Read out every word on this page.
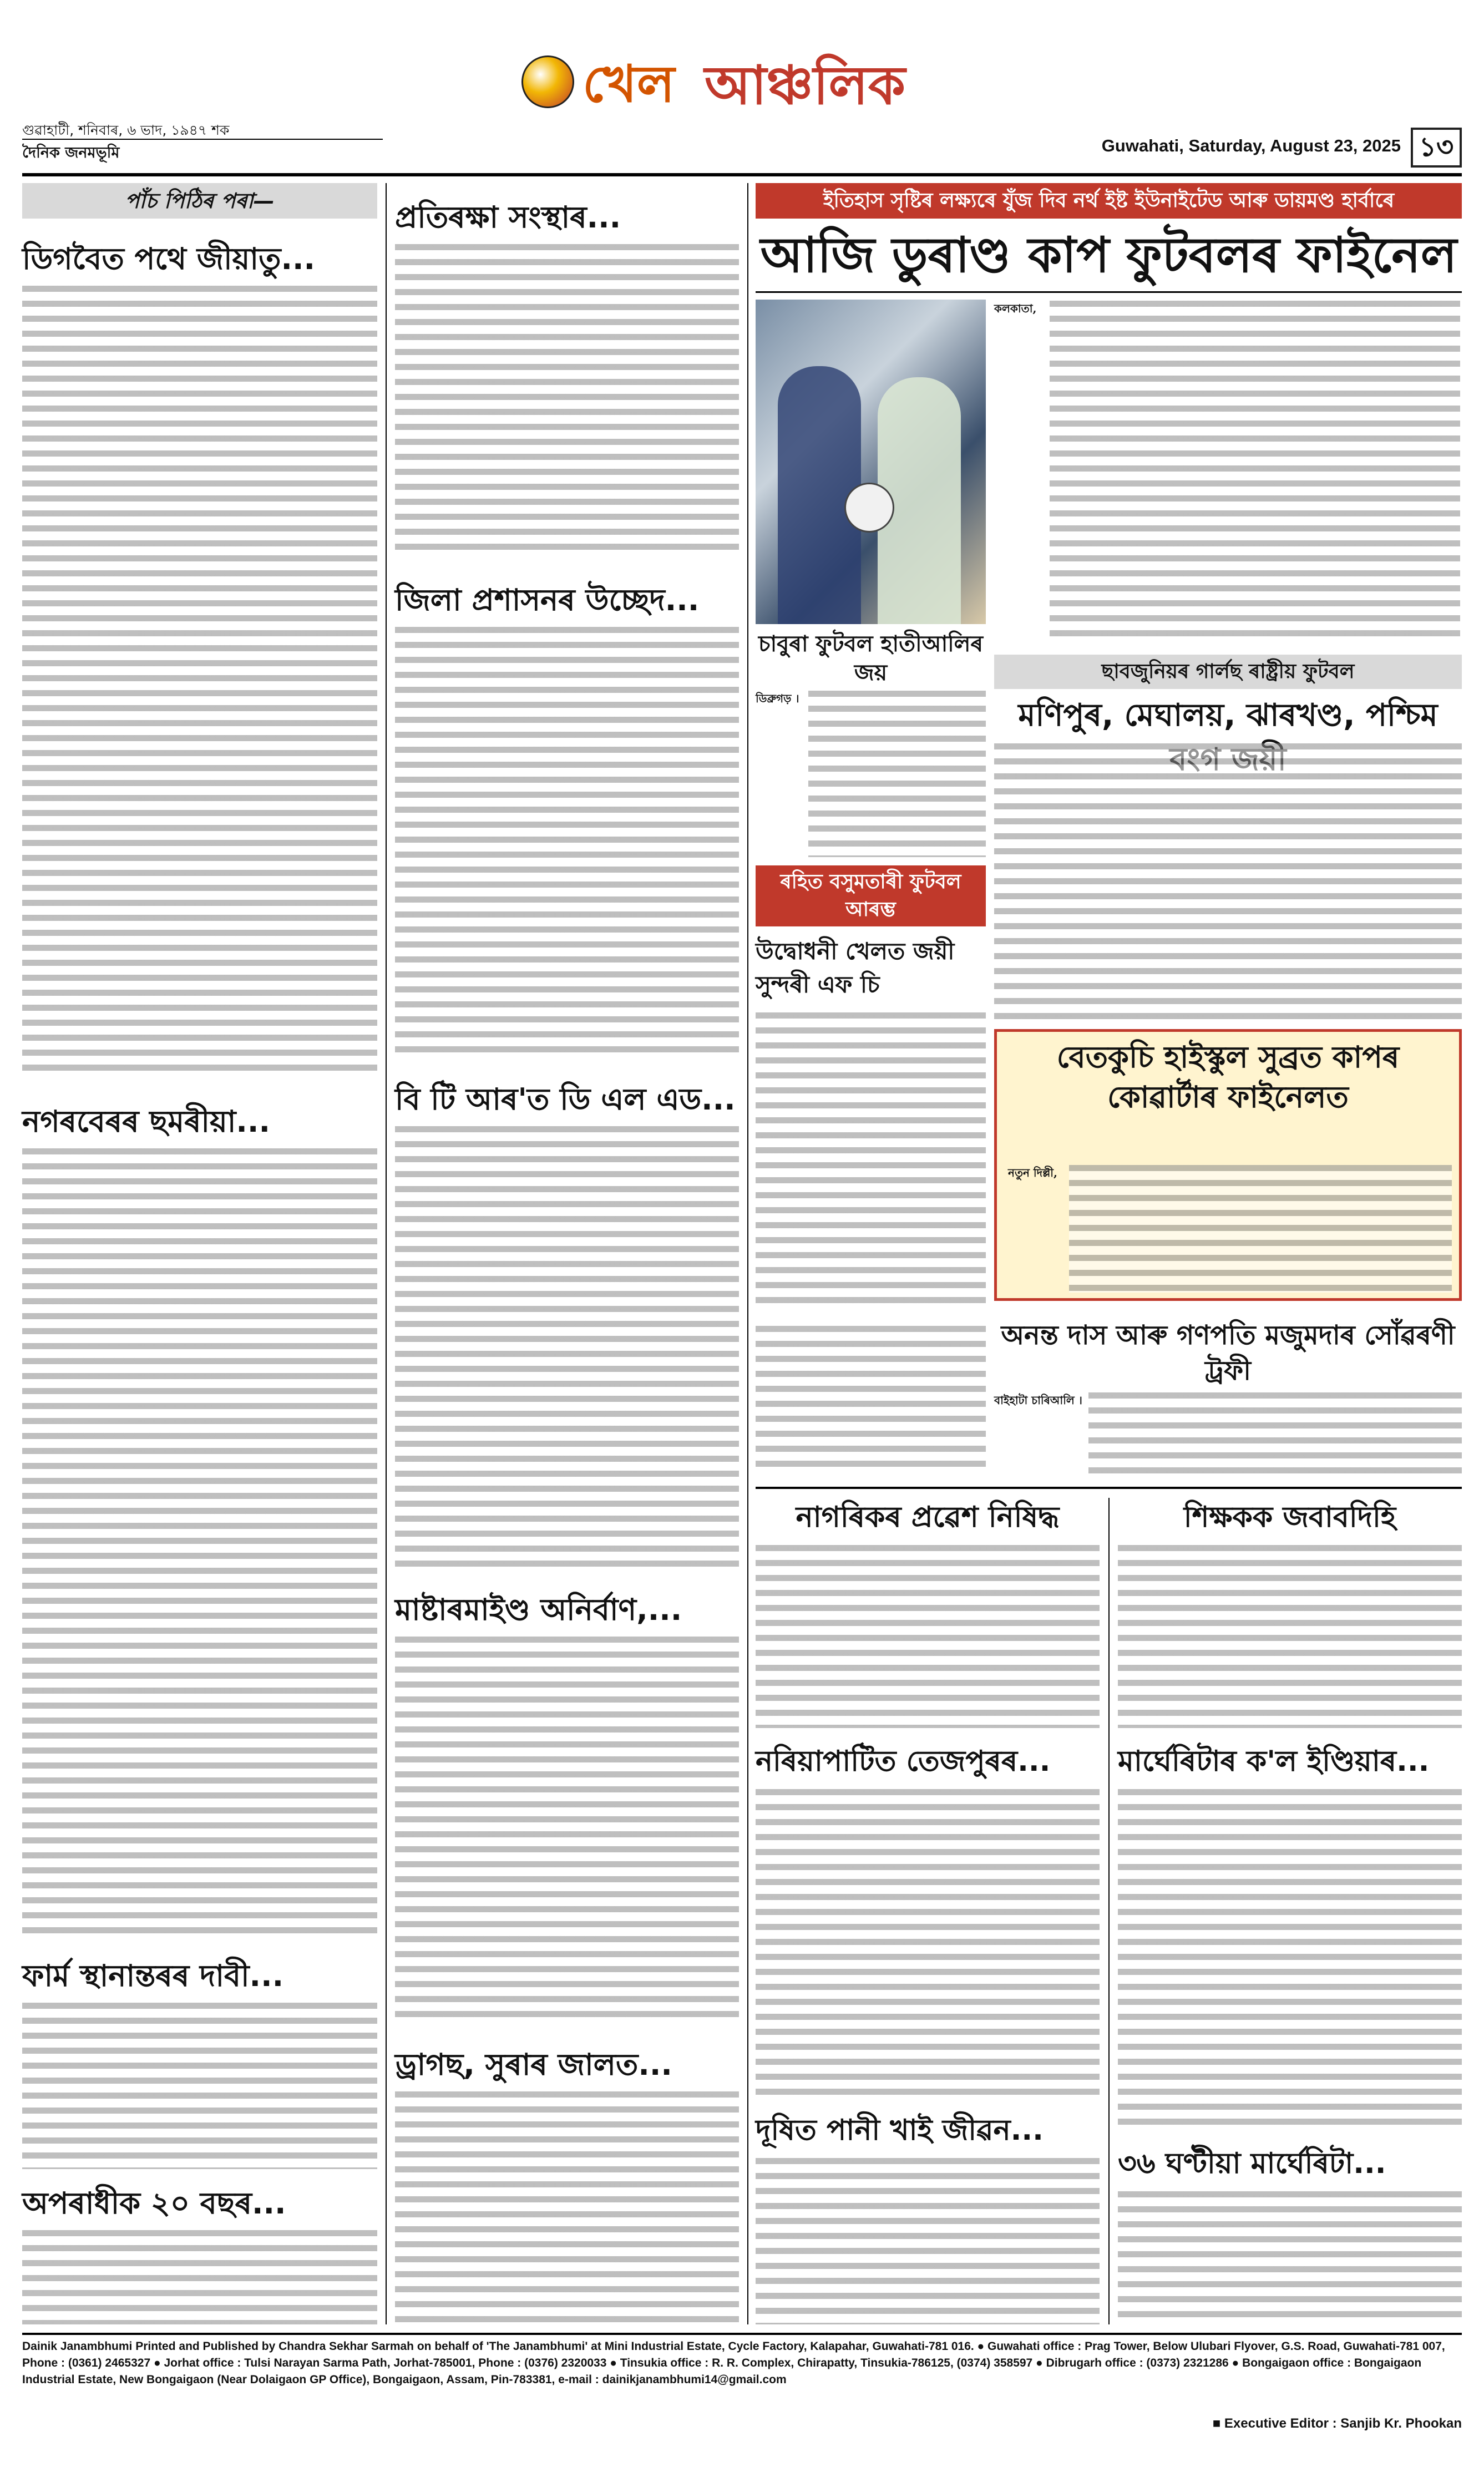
গুৱাহাটী, শনিবাৰ, ৬ ভাদ, ১৯৪৭ শক
দৈনিক জনমভূমি
খেল আঞ্চলিক
Guwahati, Saturday, August 23, 2025 ১৩
পাঁচ পিঠিৰ পৰা—
ডিগবৈত পথে জীয়াতু...
নগৰবেৰৰ ছমৰীয়া...
ফাৰ্ম স্থানান্তৰৰ দাবী...
অপৰাধীক ২০ বছৰ...
প্ৰতিৰক্ষা সংস্থাৰ...
জিলা প্ৰশাসনৰ উচ্ছেদ...
বি টি আৰ'ত ডি এল এড...
মাষ্টাৰমাইণ্ড অনিৰ্বাণ,...
ড্ৰাগছ, সুৰাৰ জালত...
ইতিহাস সৃষ্টিৰ লক্ষ্যৰে যুঁজ দিব নৰ্থ ইষ্ট ইউনাইটেড আৰু ডায়মণ্ড হাৰ্বাৰে
আজি ডুৰাণ্ড কাপ ফুটবলৰ ফাইনেল
চাবুৰা ফুটবল হাতীআলিৰ জয়
ডিব্ৰুগড় ।
কলকাতা,
ছাবজুনিয়ৰ গাৰ্লছ ৰাষ্ট্ৰীয় ফুটবল
মণিপুৰ, মেঘালয়, ঝাৰখণ্ড, পশ্চিম
ৰহিত বসুমতাৰী ফুটবল আৰম্ভ
উদ্বোধনী খেলত জয়ী সুন্দৰী এফ চি
বেতকুচি হাইস্কুল সুব্ৰত কাপৰ কোৱাৰ্টাৰ ফাইনেলত
নতুন দিল্লী,
অনন্ত দাস আৰু গণপতি মজুমদাৰ সোঁৱৰণী ট্ৰফী
বাইহাটা চাৰিআলি ।
নাগৰিকৰ প্ৰৱেশ নিষিদ্ধ	শিক্ষকক জবাবদিহি
নৰিয়াপাটিত তেজপুৰৰ...	মাৰ্ঘেৰিটাৰ ক'ল ইণ্ডিয়াৰ...
দূষিত পানী খাই জীৱন...
৩৬ ঘণ্টীয়া মাৰ্ঘেৰিটা...
Dainik Janambhumi Printed and Published by Chandra Sekhar Sarmah on behalf of 'The Janambhumi' at Mini Industrial Estate, Cycle Factory, Kalapahar, Guwahati-781 016. ● Guwahati office : Prag Tower, Below Ulubari Flyover, G.S. Road, Guwahati-781 007, Phone : (0361) 2465327 ● Jorhat office : Tulsi Narayan Sarma Path, Jorhat-785001, Phone : (0376) 2320033 ● Tinsukia office : R. R. Complex, Chirapatty, Tinsukia-786125, (0374) 358597 ● Dibrugarh office : (0373) 2321286 ● Bongaigaon office : Bongaigaon Industrial Estate, New Bongaigaon (Near Dolaigaon GP Office), Bongaigaon, Assam, Pin-783381, e-mail : dainikjanambhumi14@gmail.com
■ Executive Editor : Sanjib Kr. Phookan
